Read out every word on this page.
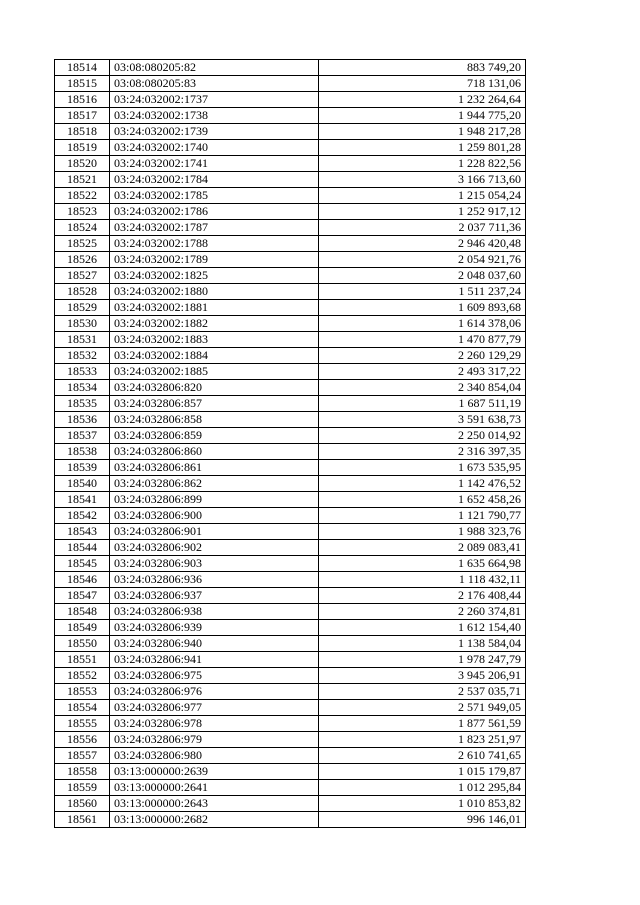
18514	03:08:080205:82	883 749,20
18515	03:08:080205:83	718 131,06
18516	03:24:032002:1737	1 232 264,64
18517	03:24:032002:1738	1 944 775,20
18518	03:24:032002:1739	1 948 217,28
18519	03:24:032002:1740	1 259 801,28
18520	03:24:032002:1741	1 228 822,56
18521	03:24:032002:1784	3 166 713,60
18522	03:24:032002:1785	1 215 054,24
18523	03:24:032002:1786	1 252 917,12
18524	03:24:032002:1787	2 037 711,36
18525	03:24:032002:1788	2 946 420,48
18526	03:24:032002:1789	2 054 921,76
18527	03:24:032002:1825	2 048 037,60
18528	03:24:032002:1880	1 511 237,24
18529	03:24:032002:1881	1 609 893,68
18530	03:24:032002:1882	1 614 378,06
18531	03:24:032002:1883	1 470 877,79
18532	03:24:032002:1884	2 260 129,29
18533	03:24:032002:1885	2 493 317,22
18534	03:24:032806:820	2 340 854,04
18535	03:24:032806:857	1 687 511,19
18536	03:24:032806:858	3 591 638,73
18537	03:24:032806:859	2 250 014,92
18538	03:24:032806:860	2 316 397,35
18539	03:24:032806:861	1 673 535,95
18540	03:24:032806:862	1 142 476,52
18541	03:24:032806:899	1 652 458,26
18542	03:24:032806:900	1 121 790,77
18543	03:24:032806:901	1 988 323,76
18544	03:24:032806:902	2 089 083,41
18545	03:24:032806:903	1 635 664,98
18546	03:24:032806:936	1 118 432,11
18547	03:24:032806:937	2 176 408,44
18548	03:24:032806:938	2 260 374,81
18549	03:24:032806:939	1 612 154,40
18550	03:24:032806:940	1 138 584,04
18551	03:24:032806:941	1 978 247,79
18552	03:24:032806:975	3 945 206,91
18553	03:24:032806:976	2 537 035,71
18554	03:24:032806:977	2 571 949,05
18555	03:24:032806:978	1 877 561,59
18556	03:24:032806:979	1 823 251,97
18557	03:24:032806:980	2 610 741,65
18558	03:13:000000:2639	1 015 179,87
18559	03:13:000000:2641	1 012 295,84
18560	03:13:000000:2643	1 010 853,82
18561	03:13:000000:2682	996 146,01
